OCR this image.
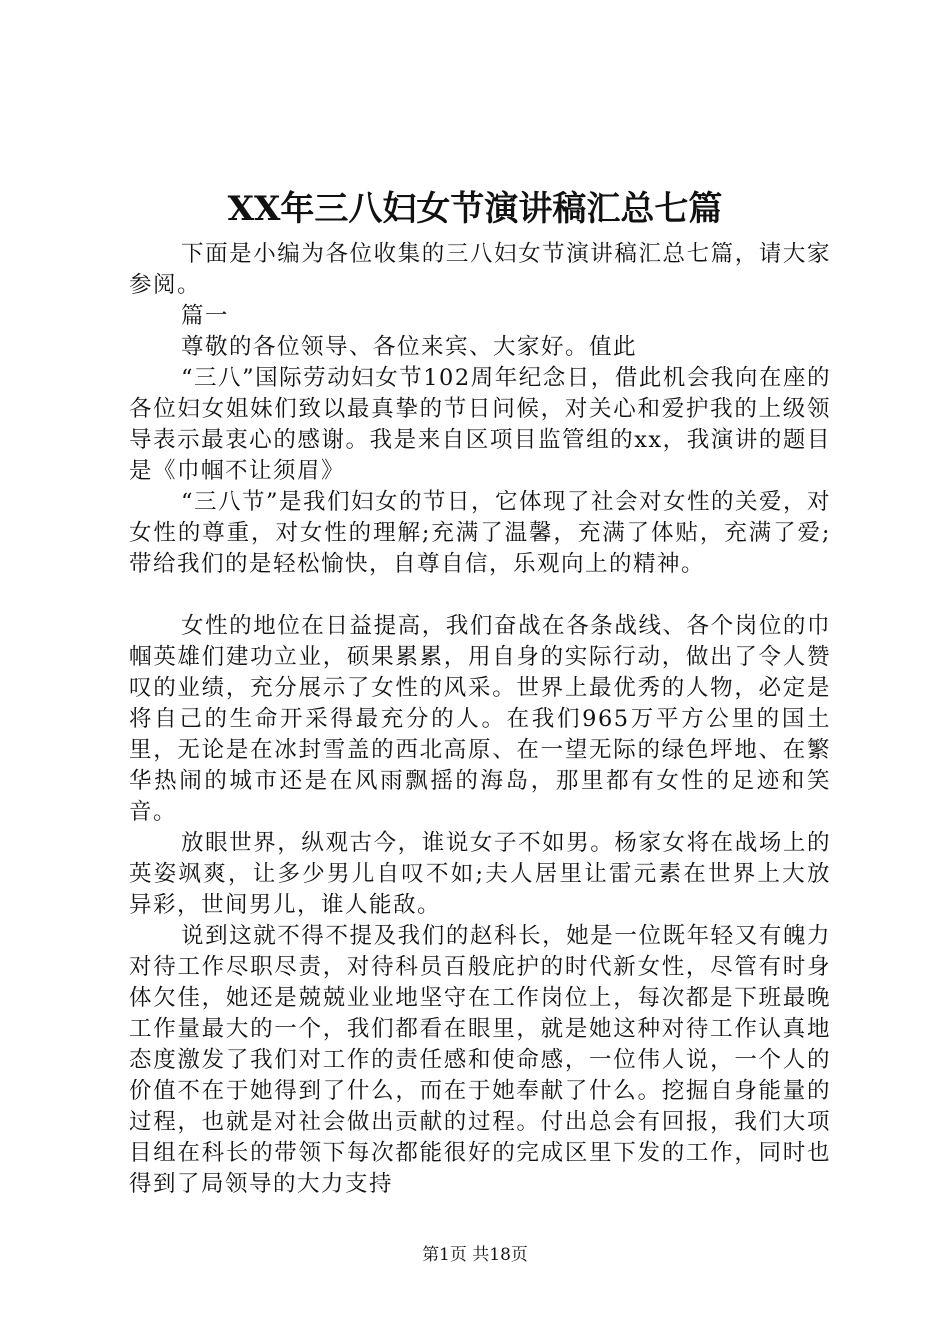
XX年三八妇女节演讲稿汇总七篇

下面是小编为各位收集的三八妇女节演讲稿汇总七篇，请大家参阅。

篇一

尊敬的各位领导、各位来宾、大家好。值此

“三八”国际劳动妇女节102周年纪念日，借此机会我向在座的各位妇女姐妹们致以最真挚的节日问候，对关心和爱护我的上级领导表示最衷心的感谢。我是来自区项目监管组的xx，我演讲的题目是《巾帼不让须眉》

“三八节”是我们妇女的节日，它体现了社会对女性的关爱，对女性的尊重，对女性的理解;充满了温馨，充满了体贴，充满了爱;带给我们的是轻松愉快，自尊自信，乐观向上的精神。

女性的地位在日益提高，我们奋战在各条战线、各个岗位的巾帼英雄们建功立业，硕果累累，用自身的实际行动，做出了令人赞叹的业绩，充分展示了女性的风采。世界上最优秀的人物，必定是将自己的生命开采得最充分的人。在我们965万平方公里的国土里，无论是在冰封雪盖的西北高原、在一望无际的绿色坪地、在繁华热闹的城市还是在风雨飘摇的海岛，那里都有女性的足迹和笑音。

放眼世界，纵观古今，谁说女子不如男。杨家女将在战场上的英姿飒爽，让多少男儿自叹不如;夫人居里让雷元素在世界上大放异彩，世间男儿，谁人能敌。

说到这就不得不提及我们的赵科长，她是一位既年轻又有魄力对待工作尽职尽责，对待科员百般庇护的时代新女性，尽管有时身体欠佳，她还是兢兢业业地坚守在工作岗位上，每次都是下班最晚工作量最大的一个，我们都看在眼里，就是她这种对待工作认真地态度激发了我们对工作的责任感和使命感，一位伟人说，一个人的价值不在于她得到了什么，而在于她奉献了什么。挖掘自身能量的过程，也就是对社会做出贡献的过程。付出总会有回报，我们大项目组在科长的带领下每次都能很好的完成区里下发的工作，同时也得到了局领导的大力支持

第1页 共18页
